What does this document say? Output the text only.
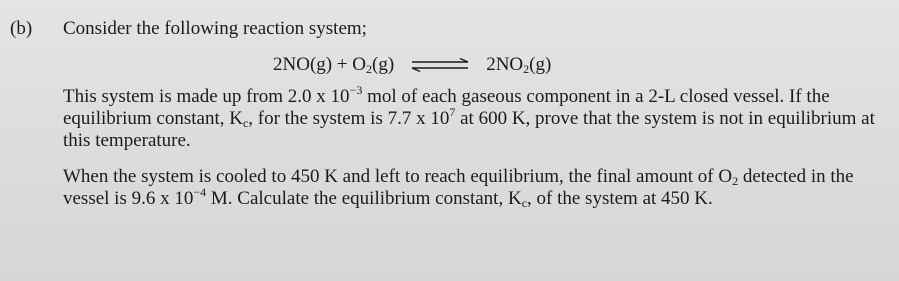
(b) Consider the following reaction system;

$2NO(g) + O_2(g)$ ⇌ $2NO_2(g)$

This system is made up from 2.0 x $10^{-3}$ mol of each gaseous component in a 2-L closed vessel. If the equilibrium constant, $K_c$, for the system is 7.7 x $10^7$ at 600 K, prove that the system is not in equilibrium at this temperature.

When the system is cooled to 450 K and left to reach equilibrium, the final amount of $O_2$ detected in the vessel is 9.6 x $10^{-4}$ M. Calculate the equilibrium constant, $K_c$, of the system at 450 K.
